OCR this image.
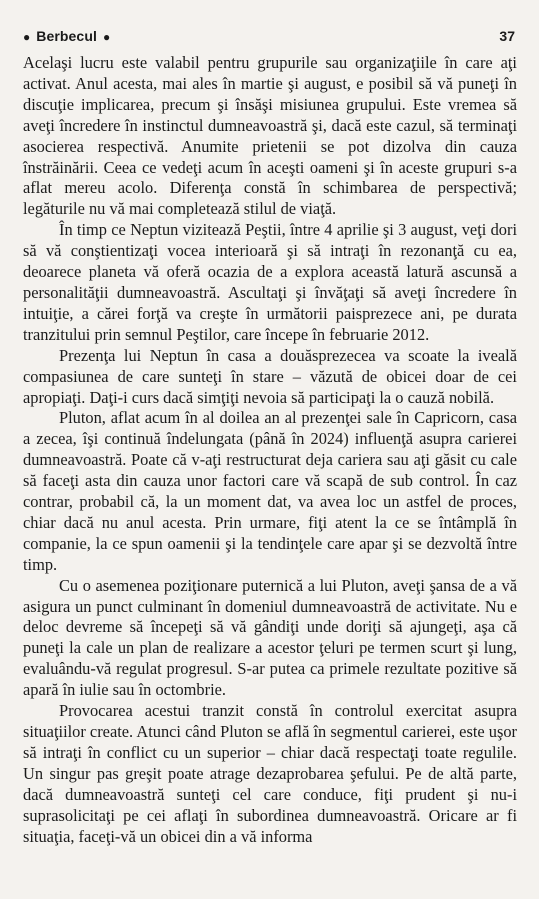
● Berbecul ●	37

Acelaşi lucru este valabil pentru grupurile sau organizaţiile în care aţi activat. Anul acesta, mai ales în martie şi august, e posibil să vă puneţi în discuţie implicarea, precum şi însăşi misiunea grupului. Este vremea să aveţi încredere în instinctul dumneavoastră şi, dacă este cazul, să terminaţi asocierea respectivă. Anumite prietenii se pot dizolva din cauza înstrăinării. Ceea ce vedeţi acum în aceşti oameni şi în aceste grupuri s-a aflat mereu acolo. Diferenţa constă în schimbarea de perspectivă; legăturile nu vă mai completează stilul de viaţă.

În timp ce Neptun vizitează Peştii, între 4 aprilie şi 3 august, veţi dori să vă conştientizaţi vocea interioară şi să intraţi în rezonanţă cu ea, deoarece planeta vă oferă ocazia de a explora această latură ascunsă a personalităţii dumneavoastră. Ascultaţi şi învăţaţi să aveţi încredere în intuiţie, a cărei forţă va creşte în următorii paisprezece ani, pe durata tranzitului prin semnul Peştilor, care începe în februarie 2012.

Prezenţa lui Neptun în casa a douăsprezecea va scoate la iveală compasiunea de care sunteţi în stare – văzută de obicei doar de cei apropiaţi. Daţi-i curs dacă simţiţi nevoia să participaţi la o cauză nobilă.

Pluton, aflat acum în al doilea an al prezenţei sale în Capricorn, casa a zecea, îşi continuă îndelungata (până în 2024) influenţă asupra carierei dumneavoastră. Poate că v-aţi restructurat deja cariera sau aţi găsit cu cale să faceţi asta din cauza unor factori care vă scapă de sub control. În caz contrar, probabil că, la un moment dat, va avea loc un astfel de proces, chiar dacă nu anul acesta. Prin urmare, fiţi atent la ce se întâmplă în companie, la ce spun oamenii şi la tendinţele care apar şi se dezvoltă între timp.

Cu o asemenea poziţionare puternică a lui Pluton, aveţi şansa de a vă asigura un punct culminant în domeniul dumneavoastră de activitate. Nu e deloc devreme să începeţi să vă gândiţi unde doriţi să ajungeţi, aşa că puneţi la cale un plan de realizare a acestor ţeluri pe termen scurt şi lung, evaluându-vă regulat progresul. S-ar putea ca primele rezultate pozitive să apară în iulie sau în octombrie.

Provocarea acestui tranzit constă în controlul exercitat asupra situaţiilor create. Atunci când Pluton se află în segmentul carierei, este uşor să intraţi în conflict cu un superior – chiar dacă respectaţi toate regulile. Un singur pas greşit poate atrage dezaprobarea şefului. Pe de altă parte, dacă dumneavoastră sunteţi cel care conduce, fiţi prudent şi nu-i suprasolicitaţi pe cei aflaţi în subordinea dumneavoastră. Oricare ar fi situaţia, faceţi-vă un obicei din a vă informa
